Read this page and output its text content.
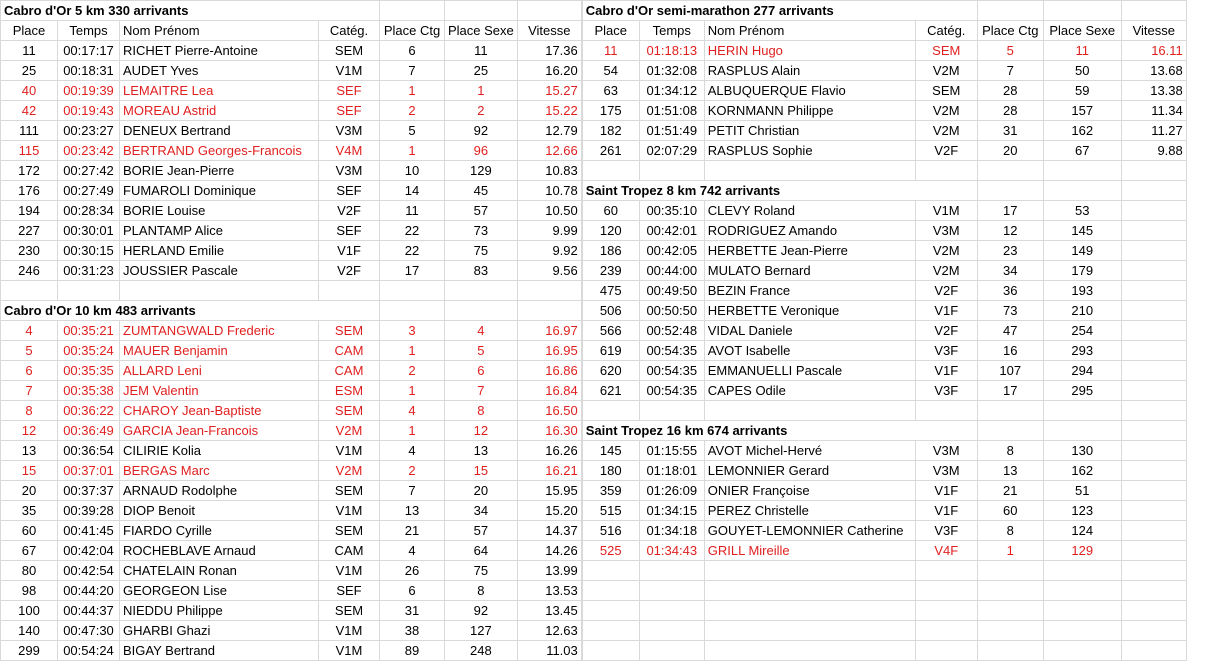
Cabro d'Or 5 km 330 arrivants						
Place	Temps	Nom Prénom	Catég.	Place Ctg	Place Sexe	Vitesse
11	00:17:17	RICHET Pierre-Antoine	SEM	6	11	17.36
25	00:18:31	AUDET Yves	V1M	7	25	16.20
40	00:19:39	LEMAITRE Lea	SEF	1	1	15.27
42	00:19:43	MOREAU Astrid	SEF	2	2	15.22
111	00:23:27	DENEUX Bertrand	V3M	5	92	12.79
115	00:23:42	BERTRAND Georges-Francois	V4M	1	96	12.66
172	00:27:42	BORIE Jean-Pierre	V3M	10	129	10.83
176	00:27:49	FUMAROLI Dominique	SEF	14	45	10.78
194	00:28:34	BORIE Louise	V2F	11	57	10.50
227	00:30:01	PLANTAMP Alice	SEF	22	73	9.99
230	00:30:15	HERLAND Emilie	V1F	22	75	9.92
246	00:31:23	JOUSSIER Pascale	V2F	17	83	9.56

Cabro d'Or 10 km 483 arrivants						
4	00:35:21	ZUMTANGWALD Frederic	SEM	3	4	16.97
5	00:35:24	MAUER Benjamin	CAM	1	5	16.95
6	00:35:35	ALLARD Leni	CAM	2	6	16.86
7	00:35:38	JEM Valentin	ESM	1	7	16.84
8	00:36:22	CHAROY Jean-Baptiste	SEM	4	8	16.50
12	00:36:49	GARCIA Jean-Francois	V2M	1	12	16.30
13	00:36:54	CILIRIE Kolia	V1M	4	13	16.26
15	00:37:01	BERGAS Marc	V2M	2	15	16.21
20	00:37:37	ARNAUD Rodolphe	SEM	7	20	15.95
35	00:39:28	DIOP Benoit	V1M	13	34	15.20
60	00:41:45	FIARDO Cyrille	SEM	21	57	14.37
67	00:42:04	ROCHEBLAVE Arnaud	CAM	4	64	14.26
80	00:42:54	CHATELAIN Ronan	V1M	26	75	13.99
98	00:44:20	GEORGEON Lise	SEF	6	8	13.53
100	00:44:37	NIEDDU Philippe	SEM	31	92	13.45
140	00:47:30	GHARBI Ghazi	V1M	38	127	12.63
299	00:54:24	BIGAY Bertrand	V1M	89	248	11.03
Cabro d'Or semi-marathon 277 arrivants						
Place	Temps	Nom Prénom	Catég.	Place Ctg	Place Sexe	Vitesse
11	01:18:13	HERIN Hugo	SEM	5	11	16.11
54	01:32:08	RASPLUS Alain	V2M	7	50	13.68
63	01:34:12	ALBUQUERQUE Flavio	SEM	28	59	13.38
175	01:51:08	KORNMANN Philippe	V2M	28	157	11.34
182	01:51:49	PETIT Christian	V2M	31	162	11.27
261	02:07:29	RASPLUS Sophie	V2F	20	67	9.88

Saint Tropez 8 km 742 arrivants						
60	00:35:10	CLEVY Roland	V1M	17	53	
120	00:42:01	RODRIGUEZ Amando	V3M	12	145	
186	00:42:05	HERBETTE Jean-Pierre	V2M	23	149	
239	00:44:00	MULATO Bernard	V2M	34	179	
475	00:49:50	BEZIN France	V2F	36	193	
506	00:50:50	HERBETTE Veronique	V1F	73	210	
566	00:52:48	VIDAL Daniele	V2F	47	254	
619	00:54:35	AVOT Isabelle	V3F	16	293	
620	00:54:35	EMMANUELLI Pascale	V1F	107	294	
621	00:54:35	CAPES Odile	V3F	17	295	

Saint Tropez 16 km 674 arrivants						
145	01:15:55	AVOT Michel-Hervé	V3M	8	130	
180	01:18:01	LEMONNIER Gerard	V3M	13	162	
359	01:26:09	ONIER Françoise	V1F	21	51	
515	01:34:15	PEREZ Christelle	V1F	60	123	
516	01:34:18	GOUYET-LEMONNIER Catherine	V3F	8	124	
525	01:34:43	GRILL Mireille	V4F	1	129	
